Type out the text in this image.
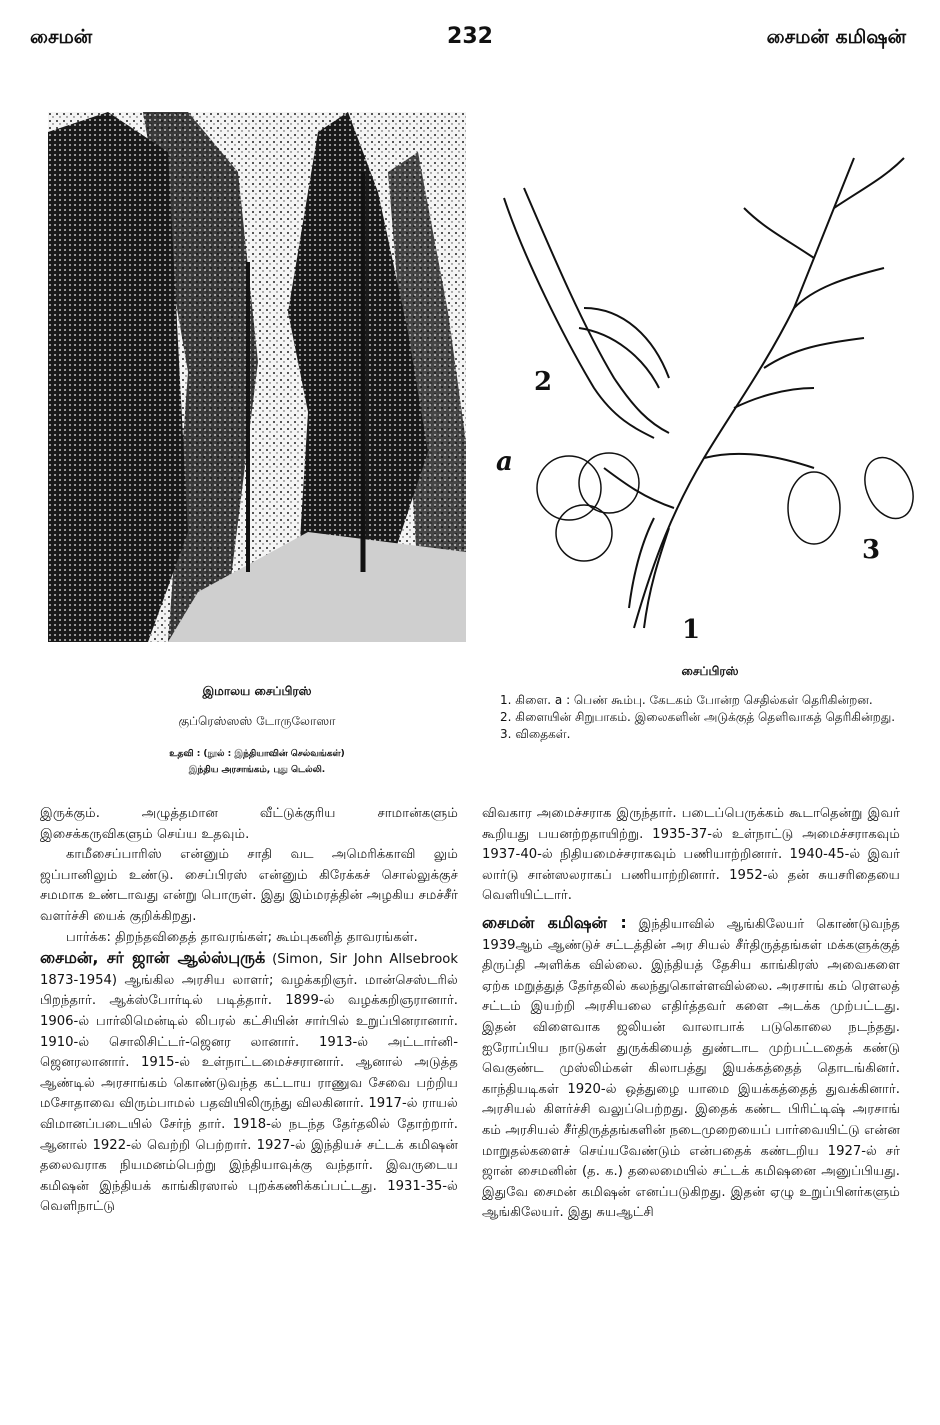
சைமன்	232	சைமன் கமிஷன்
2
a
1
3
இமாலய சைப்பிரஸ்
குப்ரெஸ்ஸஸ் டோருலோஸா
உதவி : (நூல் : இந்தியாவின் செல்வங்கள்)
இந்திய அரசாங்கம், புது டெல்லி.
சைப்பிரஸ்
1. கிளை. a : பெண் கூம்பு. கேடகம் போன்ற செதில்கள் தெரிகின்றன.
2. கிளையின் சிறுபாகம். இலைகளின் அடுக்குத் தெளிவாகத் தெரிகின்றது.
3. விதைகள்.

இருக்கும். அழுத்தமான வீட்டுக்குரிய சாமான்களும் இசைக்கருவிகளும் செய்ய உதவும்.

காமீசைப்பாரிஸ் என்னும் சாதி வட அமெரிக்காவி லும் ஜப்பானிலும் உண்டு. சைப்பிரஸ் என்னும் கிரேக்கச் சொல்லுக்குச் சமமாக உண்டாவது என்று பொருள். இது இம்மரத்தின் அழகிய சமச்சீர் வளர்ச்சி யைக் குறிக்கிறது.

பார்க்க: திறந்தவிதைத் தாவரங்கள்; கூம்புகனித் தாவரங்கள்.

சைமன், சர் ஜான் ஆல்ஸ்புருக் (Simon, Sir John Allsebrook 1873-1954) ஆங்கில அரசிய லாளர்; வழக்கறிஞர். மான்செஸ்டரில் பிறந்தார். ஆக்ஸ்போர்டில் படித்தார். 1899-ல் வழக்கறிஞரானார். 1906-ல் பார்லிமென்டில் லிபரல் கட்சியின் சார்பில் உறுப்பினரானார். 1910-ல் சொலிசிட்டர்-ஜெனர லானார். 1913-ல் அட்டார்னி-ஜெனரலானார். 1915-ல் உள்நாட்டமைச்சரானார். ஆனால் அடுத்த ஆண்டில் அரசாங்கம் கொண்டுவந்த கட்டாய ராணுவ சேவை பற்றிய மசோதாவை விரும்பாமல் பதவியிலிருந்து விலகினார். 1917-ல் ராயல் விமானப்படையில் சேர்ந் தார். 1918-ல் நடந்த தேர்தலில் தோற்றார். ஆனால் 1922-ல் வெற்றி பெற்றார். 1927-ல் இந்தியச் சட்டக் கமிஷன் தலைவராக நியமனம்பெற்று இந்தியாவுக்கு வந்தார். இவருடைய கமிஷன் இந்தியக் காங்கிரஸால் புறக்கணிக்கப்பட்டது. 1931-35-ல் வெளிநாட்டு

விவகார அமைச்சராக இருந்தார். படைப்பெருக்கம் கூடாதென்று இவர் கூறியது பயனற்றதாயிற்று. 1935-37-ல் உள்நாட்டு அமைச்சராகவும் 1937-40-ல் நிதியமைச்சராகவும் பணியாற்றினார். 1940-45-ல் இவர் லார்டு சான்ஸலராகப் பணியாற்றினார். 1952-ல் தன் சுயசரிதையை வெளியிட்டார்.

சைமன் கமிஷன் : இந்தியாவில் ஆங்கிலேயர் கொண்டுவந்த 1939ஆம் ஆண்டுச் சட்டத்தின் அர சியல் சீர்திருத்தங்கள் மக்களுக்குத் திருப்தி அளிக்க வில்லை. இந்தியத் தேசிய காங்கிரஸ் அவைகளை ஏற்க மறுத்துத் தேர்தலில் கலந்துகொள்ளவில்லை. அரசாங் கம் ரௌலத் சட்டம் இயற்றி அரசியலை எதிர்த்தவர் களை அடக்க முற்பட்டது. இதன் விளைவாக ஜலியன் வாலாபாக் படுகொலை நடந்தது. ஐரோப்பிய நாடுகள் துருக்கியைத் துண்டாட முற்பட்டதைக் கண்டு வெகுண்ட முஸ்லிம்கள் கிலாபத்து இயக்கத்தைத் தொடங்கினர். காந்தியடிகள் 1920-ல் ஒத்துழை யாமை இயக்கத்தைத் துவக்கினார். அரசியல் கிளர்ச்சி வலுப்பெற்றது. இதைக் கண்ட பிரிட்டிஷ் அரசாங் கம் அரசியல் சீர்திருத்தங்களின் நடைமுறையைப் பார்வையிட்டு என்ன மாறுதல்களைச் செய்யவேண்டும் என்பதைக் கண்டறிய 1927-ல் சர் ஜான் சைமனின் (த. க.) தலைமையில் சட்டக் கமிஷனை அனுப்பியது. இதுவே சைமன் கமிஷன் எனப்படுகிறது. இதன் ஏழு உறுப்பினர்களும் ஆங்கிலேயர். இது சுயஆட்சி
